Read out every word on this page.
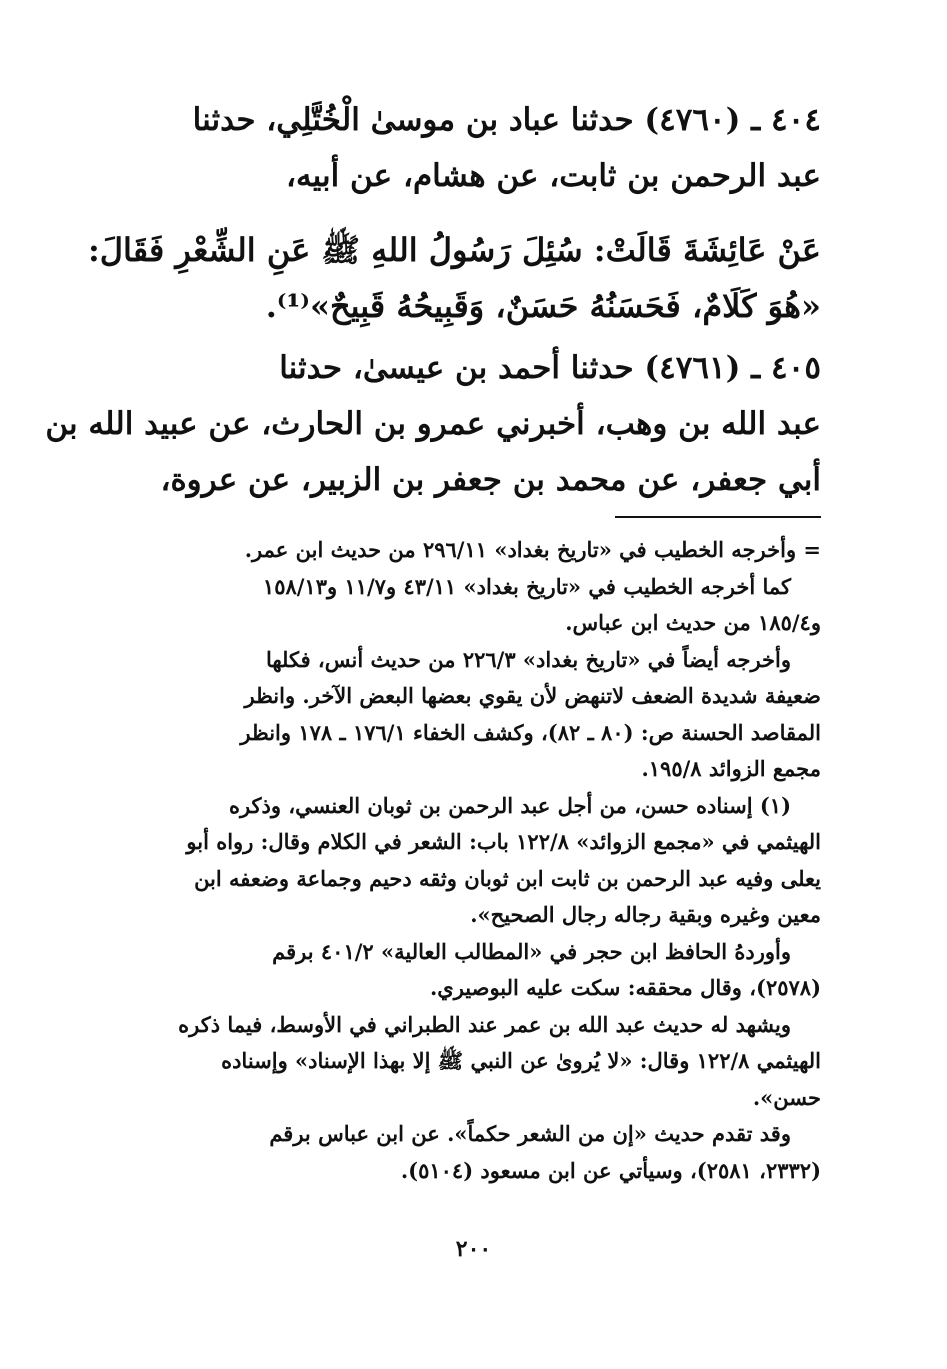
٤٠٤ ـ (٤٧٦٠) حدثنا عباد بن موسىٰ الْخُتَّلِي، حدثنا
عبد الرحمن بن ثابت، عن هشام، عن أبيه،
عَنْ عَائِشَةَ قَالَتْ: سُئِلَ رَسُولُ اللهِ ﷺ عَنِ الشِّعْرِ فَقَالَ:
«هُوَ كَلَامٌ، فَحَسَنُهُ حَسَنٌ، وَقَبِيحُهُ قَبِيحٌ»⁽¹⁾.
٤٠٥ ـ (٤٧٦١) حدثنا أحمد بن عيسىٰ، حدثنا
عبد الله بن وهب، أخبرني عمرو بن الحارث، عن عبيد الله بن
أبي جعفر، عن محمد بن جعفر بن الزبير، عن عروة،
= وأخرجه الخطيب في «تاريخ بغداد» ٢٩٦/١١ من حديث ابن عمر.
كما أخرجه الخطيب في «تاريخ بغداد» ٤٣/١١ و١١/٧ و١٥٨/١٣
و١٨٥/٤ من حديث ابن عباس.
وأخرجه أيضاً في «تاريخ بغداد» ٢٢٦/٣ من حديث أنس، فكلها
ضعيفة شديدة الضعف لاتنهض لأن يقوي بعضها البعض الآخر. وانظر
المقاصد الحسنة ص: (٨٠ ـ ٨٢)، وكشف الخفاء ١٧٦/١ ـ ١٧٨ وانظر
مجمع الزوائد ١٩٥/٨.
(١) إسناده حسن، من أجل عبد الرحمن بن ثوبان العنسي، وذكره
الهيثمي في «مجمع الزوائد» ١٢٢/٨ باب: الشعر في الكلام وقال: رواه أبو
يعلى وفيه عبد الرحمن بن ثابت ابن ثوبان وثقه دحيم وجماعة وضعفه ابن
معين وغيره وبقية رجاله رجال الصحيح».
وأوردهُ الحافظ ابن حجر في «المطالب العالية» ٤٠١/٢ برقم
(٢٥٧٨)، وقال محققه: سكت عليه البوصيري.
ويشهد له حديث عبد الله بن عمر عند الطبراني في الأوسط، فيما ذكره
الهيثمي ١٢٢/٨ وقال: «لا يُروىٰ عن النبي ﷺ إلا بهذا الإسناد» وإسناده
حسن».
وقد تقدم حديث «إن من الشعر حكماً». عن ابن عباس برقم
(٢٣٣٢، ٢٥٨١)، وسيأتي عن ابن مسعود (٥١٠٤).
٢٠٠
